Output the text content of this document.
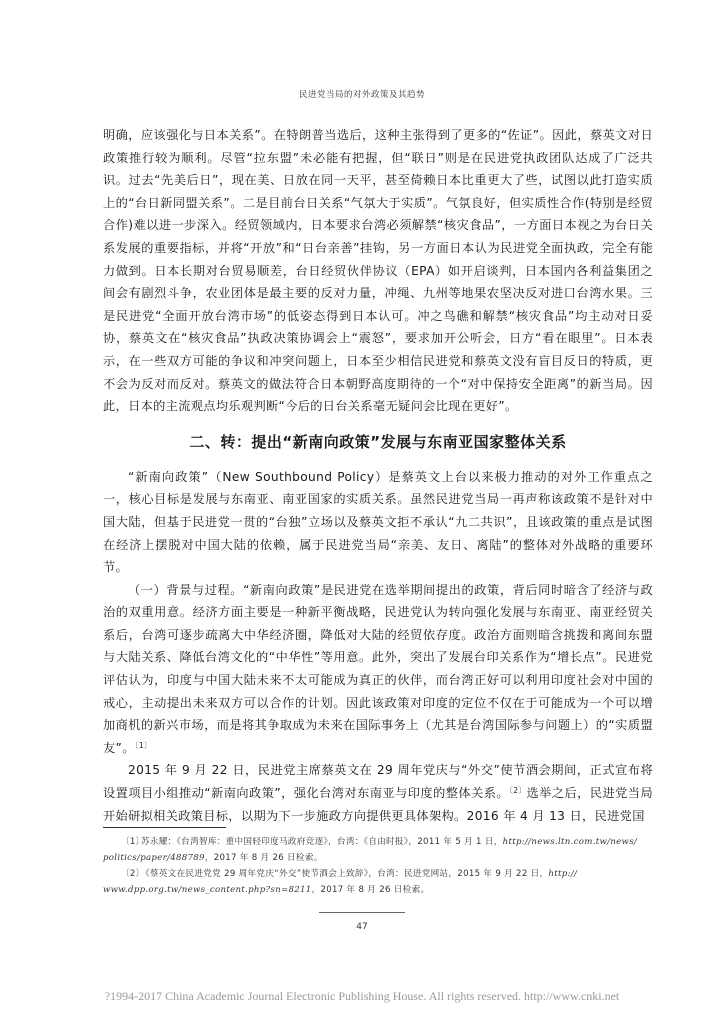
民进党当局的对外政策及其趋势

明确，应该强化与日本关系”。在特朗普当选后，这种主张得到了更多的“佐证”。因此，蔡英文对日政策推行较为顺利。尽管“拉东盟”未必能有把握，但“联日”则是在民进党执政团队达成了广泛共识。过去“先美后日”，现在美、日放在同一天平，甚至倚赖日本比重更大了些，试图以此打造实质上的“台日新同盟关系”。二是目前台日关系“气氛大于实质”。气氛良好，但实质性合作(特别是经贸合作)难以进一步深入。经贸领域内，日本要求台湾必须解禁“核灾食品”，一方面日本视之为台日关系发展的重要指标，并将“开放”和“日台亲善”挂钩，另一方面日本认为民进党全面执政，完全有能力做到。日本长期对台贸易顺差，台日经贸伙伴协议（EPA）如开启谈判，日本国内各利益集团之间会有剧烈斗争，农业团体是最主要的反对力量，冲绳、九州等地果农坚决反对进口台湾水果。三是民进党“全面开放台湾市场”的低姿态得到日本认可。冲之鸟礁和解禁“核灾食品”均主动对日妥协，蔡英文在“核灾食品”执政决策协调会上“震怒”，要求加开公听会，日方“看在眼里”。日本表示，在一些双方可能的争议和冲突问题上，日本至少相信民进党和蔡英文没有盲目反日的特质，更不会为反对而反对。蔡英文的做法符合日本朝野高度期待的一个“对中保持安全距离”的新当局。因此，日本的主流观点均乐观判断“今后的日台关系毫无疑问会比现在更好”。

二、转：提出“新南向政策”发展与东南亚国家整体关系

“新南向政策”（New Southbound Policy）是蔡英文上台以来极力推动的对外工作重点之一，核心目标是发展与东南亚、南亚国家的实质关系。虽然民进党当局一再声称该政策不是针对中国大陆，但基于民进党一贯的“台独”立场以及蔡英文拒不承认“九二共识”，且该政策的重点是试图在经济上摆脱对中国大陆的依赖，属于民进党当局“亲美、友日、离陆”的整体对外战略的重要环节。

（一）背景与过程。“新南向政策”是民进党在选举期间提出的政策，背后同时暗含了经济与政治的双重用意。经济方面主要是一种新平衡战略，民进党认为转向强化发展与东南亚、南亚经贸关系后，台湾可逐步疏离大中华经济圈，降低对大陆的经贸依存度。政治方面则暗含挑拨和离间东盟与大陆关系、降低台湾文化的“中华性”等用意。此外，突出了发展台印关系作为“增长点”。民进党评估认为，印度与中国大陆未来不太可能成为真正的伙伴，而台湾正好可以利用印度社会对中国的戒心，主动提出未来双方可以合作的计划。因此该政策对印度的定位不仅在于可能成为一个可以增加商机的新兴市场，而是将其争取成为未来在国际事务上（尤其是台湾国际参与问题上）的“实质盟友”。$^{〔1〕}$

2015 年 9 月 22 日，民进党主席蔡英文在 29 周年党庆与“外交”使节酒会期间，正式宣布将设置项目小组推动“新南向政策”，强化台湾对东南亚与印度的整体关系。$^{〔2〕}$选举之后，民进党当局开始研拟相关政策目标，以期为下一步施政方向提供更具体架构。2016 年 4 月 13 日，民进党国

〔1〕苏永耀：《台湾智库：重中国轻印度马政府竞逐》，台湾：《自由时报》，2011 年 5 月 1 日，http://news.ltn.com.tw/news/
politics/paper/488789，2017 年 8 月 26 日检索。

〔2〕《蔡英文在民进党党 29 周年党庆“外交”使节酒会上致辞》，台湾：民进党网站，2015 年 9 月 22 日，http://
www.dpp.org.tw/news_content.php?sn=8211，2017 年 8 月 26 日检索。

47
?1994-2017 China Academic Journal Electronic Publishing House. All rights reserved. http://www.cnki.net
